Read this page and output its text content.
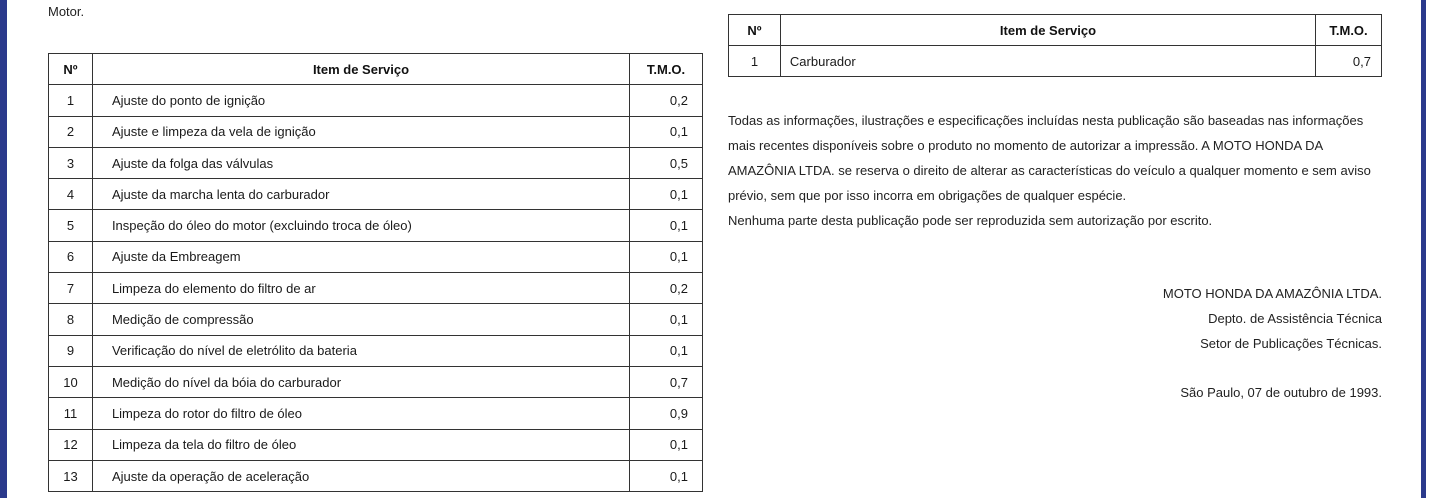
Motor.
Nº	Item de Serviço	T.M.O.
1	Ajuste do ponto de ignição	0,2
2	Ajuste e limpeza da vela de ignição	0,1
3	Ajuste da folga das válvulas	0,5
4	Ajuste da marcha lenta do carburador	0,1
5	Inspeção do óleo do motor (excluindo troca de óleo)	0,1
6	Ajuste da Embreagem	0,1
7	Limpeza do elemento do filtro de ar	0,2
8	Medição de compressão	0,1
9	Verificação do nível de eletrólito da bateria	0,1
10	Medição do nível da bóia do carburador	0,7
11	Limpeza do rotor do filtro de óleo	0,9
12	Limpeza da tela do filtro de óleo	0,1
13	Ajuste da operação de aceleração	0,1
Nº	Item de Serviço	T.M.O.
1	Carburador	0,7

Todas as informações, ilustrações e especificações incluídas nesta publicação são baseadas nas informações mais recentes disponíveis sobre o produto no momento de autorizar a impressão. A MOTO HONDA DA AMAZÔNIA LTDA. se reserva o direito de alterar as características do veículo a qualquer momento e sem aviso prévio, sem que por isso incorra em obrigações de qualquer espécie.

Nenhuma parte desta publicação pode ser reproduzida sem autorização por escrito.

MOTO HONDA DA AMAZÔNIA LTDA.
Depto. de Assistência Técnica
Setor de Publicações Técnicas.
São Paulo, 07 de outubro de 1993.
